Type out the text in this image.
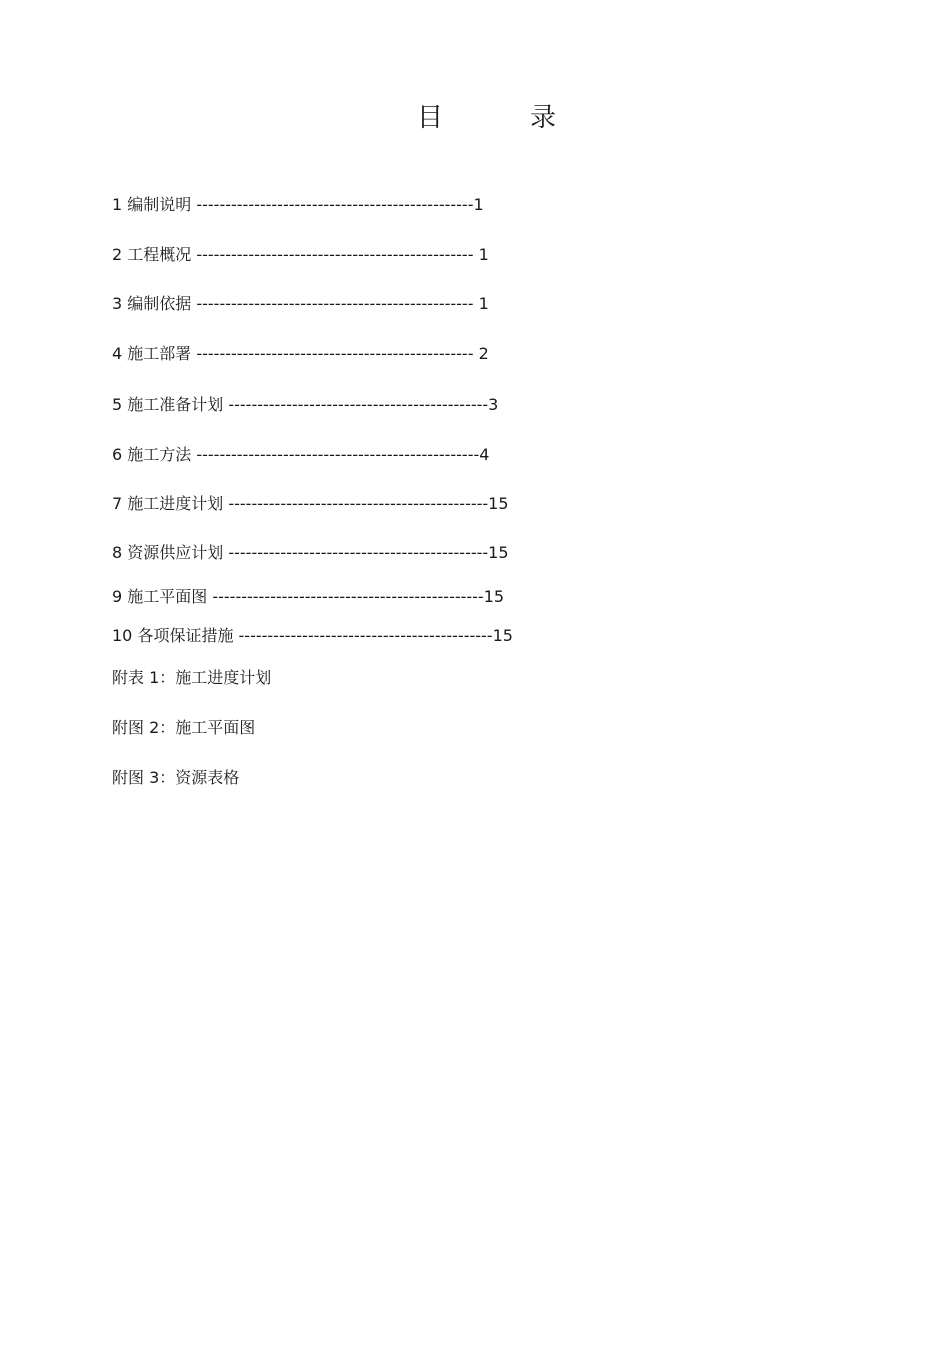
目	录
1 编制说明 ------------------------------------------------1
2 工程概况 ------------------------------------------------ 1
3 编制依据 ------------------------------------------------ 1
4 施工部署 ------------------------------------------------ 2
5 施工准备计划 ---------------------------------------------3
6 施工方法 -------------------------------------------------4
7 施工进度计划 ---------------------------------------------15
8 资源供应计划 ---------------------------------------------15
9 施工平面图 -----------------------------------------------15
10 各项保证措施 --------------------------------------------15
附表 1：施工进度计划
附图 2：施工平面图
附图 3：资源表格
